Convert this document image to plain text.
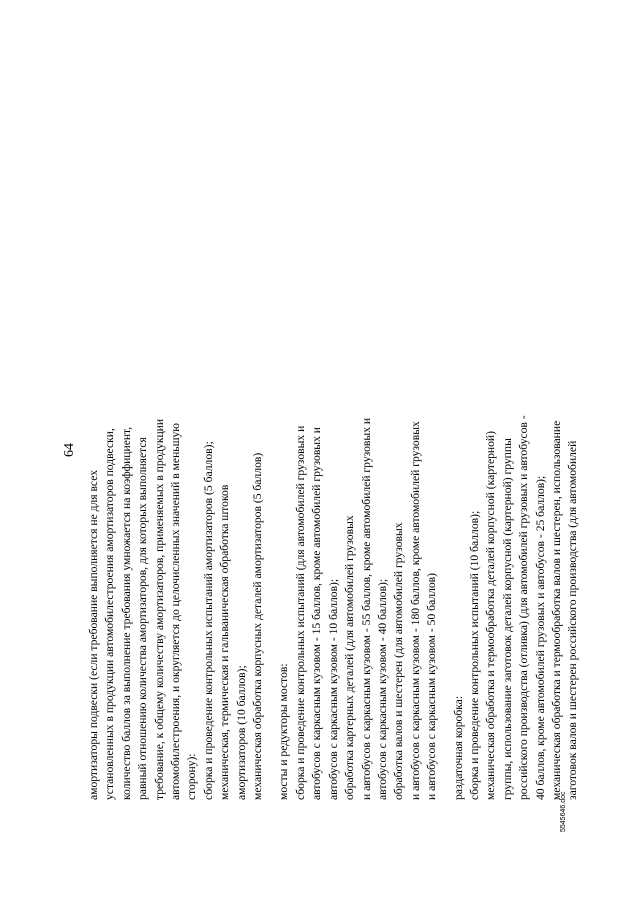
64
амортизаторы подвески (если требование выполняется не для всех установленных в продукции автомобилестроения амортизаторов подвески, количество баллов за выполнение требования умножается на коэффициент, равный отношению количества амортизаторов, для которых выполняется требование, к общему количеству амортизаторов, применяемых в продукции автомобилестроения, и округляется до целочисленных значений в меньшую сторону): сборка и проведение контрольных испытаний амортизаторов (5 баллов); механическая, термическая и гальваническая обработка штоков амортизаторов (10 баллов); механическая обработка корпусных деталей амортизаторов (5 баллов) мосты и редукторы мостов: сборка и проведение контрольных испытаний (для автомобилей грузовых и автобусов с каркасным кузовом - 15 баллов, кроме автомобилей грузовых и автобусов с каркасным кузовом - 10 баллов); обработка картерных деталей (для автомобилей грузовых и автобусов с каркасным кузовом - 55 баллов, кроме автомобилей грузовых и автобусов с каркасным кузовом - 40 баллов); обработка валов и шестерен (для автомобилей грузовых и автобусов с каркасным кузовом - 180 баллов, кроме автомобилей грузовых и автобусов с каркасным кузовом - 50 баллов) раздаточная коробка: сборка и проведение контрольных испытаний (10 баллов); механическая обработка и термообработка деталей корпусной (картерной) группы, использование заготовок деталей корпусной (картерной) группы российского производства (отливка) (для автомобилей грузовых и автобусов - 40 баллов, кроме автомобилей грузовых и автобусов - 25 баллов); механическая обработка и термообработка валов и шестерен, использование заготовок валов и шестерен российского производства (для автомобилей
5545646.doc
